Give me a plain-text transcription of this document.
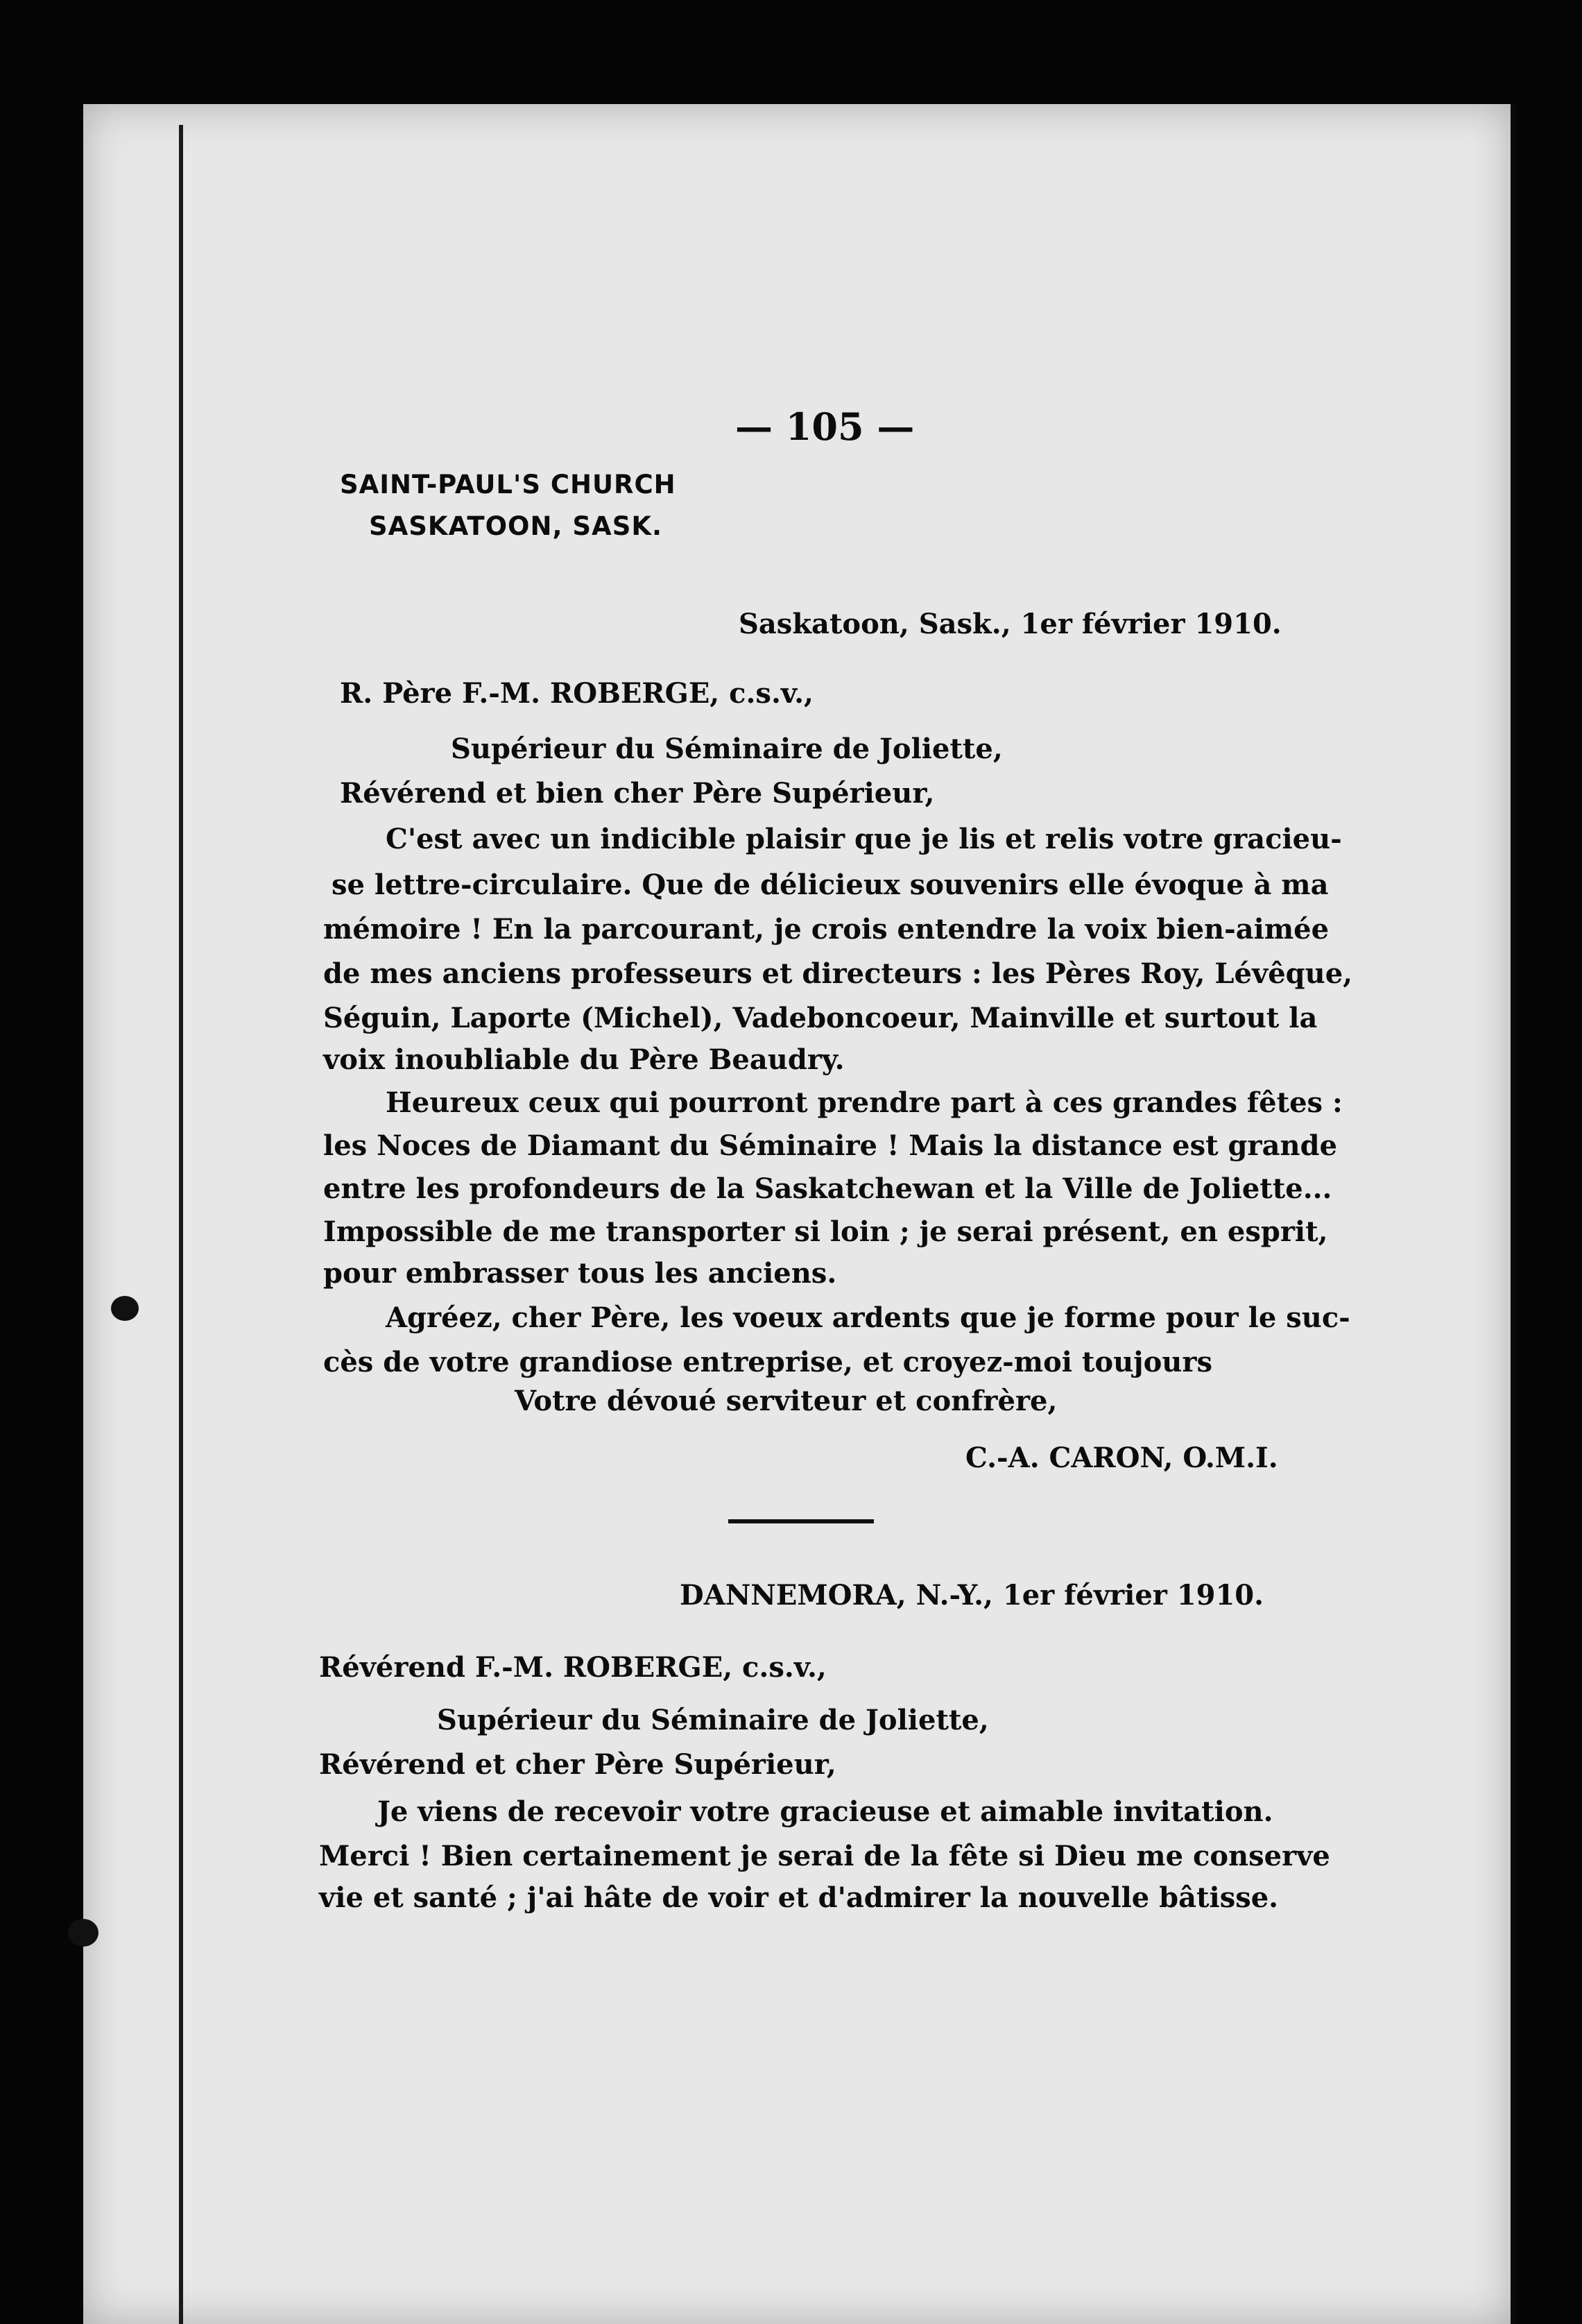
— 105 —
SAINT-PAUL'S CHURCH
SASKATOON, SASK.
Saskatoon, Sask., 1er février 1910.
R. Père F.-M. ROBERGE, c.s.v.,
Supérieur du Séminaire de Joliette,
Révérend et bien cher Père Supérieur,
C'est avec un indicible plaisir que je lis et relis votre gracieu-
se lettre-circulaire. Que de délicieux souvenirs elle évoque à ma
mémoire ! En la parcourant, je crois entendre la voix bien-aimée
de mes anciens professeurs et directeurs : les Pères Roy, Lévêque,
Séguin, Laporte (Michel), Vadeboncoeur, Mainville et surtout la
voix inoubliable du Père Beaudry.
Heureux ceux qui pourront prendre part à ces grandes fêtes :
les Noces de Diamant du Séminaire ! Mais la distance est grande
entre les profondeurs de la Saskatchewan et la Ville de Joliette...
Impossible de me transporter si loin ; je serai présent, en esprit,
pour embrasser tous les anciens.
Agréez, cher Père, les voeux ardents que je forme pour le suc-
cès de votre grandiose entreprise, et croyez-moi toujours
Votre dévoué serviteur et confrère,
C.-A. CARON, O.M.I.
DANNEMORA, N.-Y., 1er février 1910.
Révérend F.-M. ROBERGE, c.s.v.,
Supérieur du Séminaire de Joliette,
Révérend et cher Père Supérieur,
Je viens de recevoir votre gracieuse et aimable invitation.
Merci ! Bien certainement je serai de la fête si Dieu me conserve
vie et santé ; j'ai hâte de voir et d'admirer la nouvelle bâtisse.
